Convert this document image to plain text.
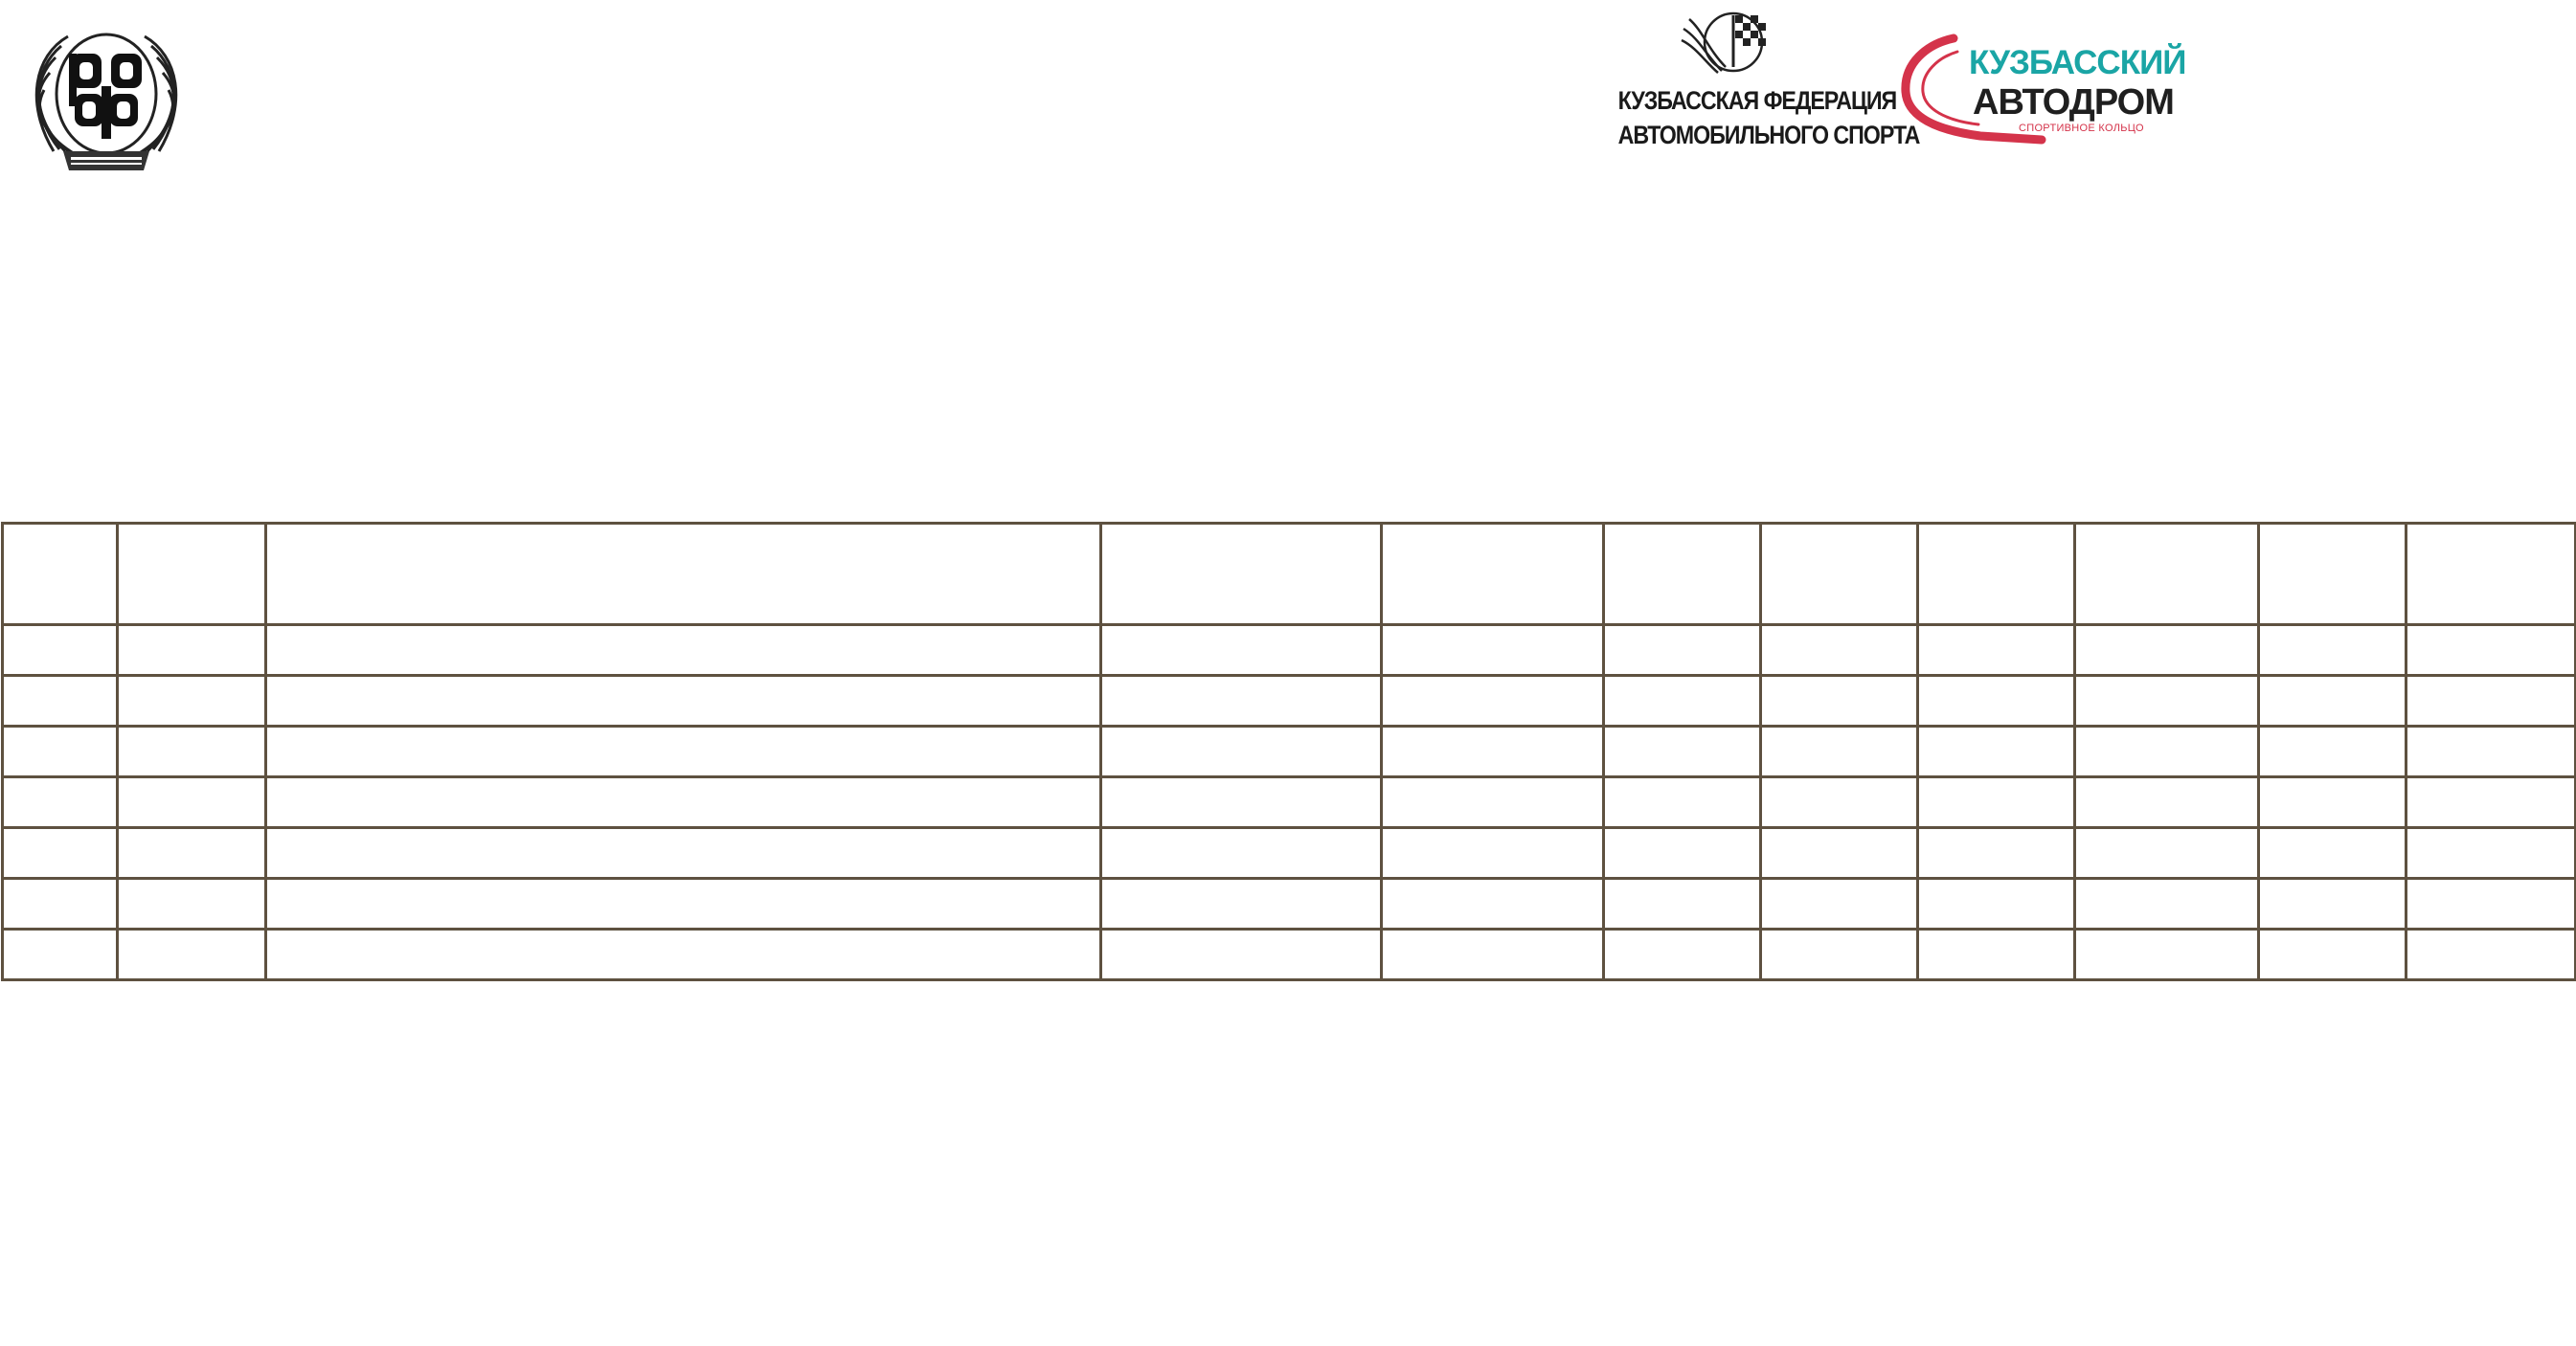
КУЗБАССКАЯ ФЕДЕРАЦИЯ
АВТОМОБИЛЬНОГО СПОРТА
КУЗБАССКИЙ
АВТОДРОМ
СПОРТИВНОЕ КОЛЬЦО
